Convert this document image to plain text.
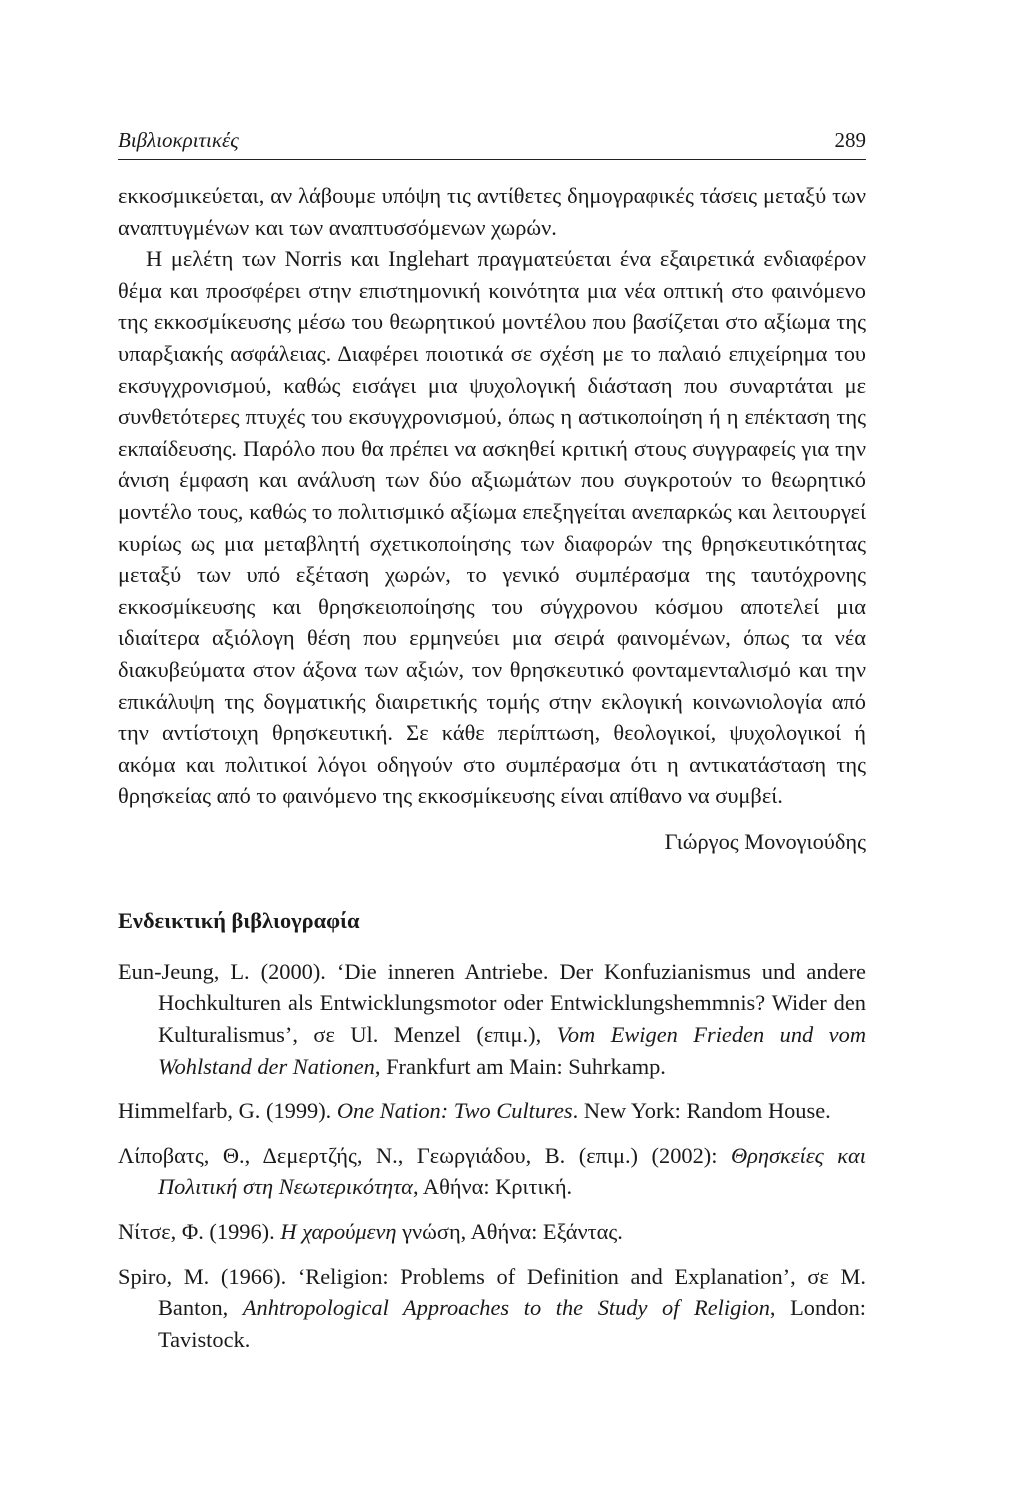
Βιβλιοκριτικές	289

εκκοσμικεύεται, αν λάβουμε υπόψη τις αντίθετες δημογραφικές τάσεις μεταξύ των αναπτυγμένων και των αναπτυσσόμενων χωρών.

Η μελέτη των Norris και Inglehart πραγματεύεται ένα εξαιρετικά ενδιαφέρον θέμα και προσφέρει στην επιστημονική κοινότητα μια νέα οπτική στο φαινόμενο της εκκοσμίκευσης μέσω του θεωρητικού μοντέλου που βασίζεται στο αξίωμα της υπαρξιακής ασφάλειας. Διαφέρει ποιοτικά σε σχέση με το παλαιό επιχείρημα του εκσυγχρονισμού, καθώς εισάγει μια ψυχολογική διάσταση που συναρτάται με συνθετότερες πτυχές του εκσυγχρονισμού, όπως η αστικοποίηση ή η επέκταση της εκπαίδευσης. Παρόλο που θα πρέπει να ασκηθεί κριτική στους συγγραφείς για την άνιση έμφαση και ανάλυση των δύο αξιωμάτων που συγκροτούν το θεωρητικό μοντέλο τους, καθώς το πολιτισμικό αξίωμα επεξηγείται ανεπαρκώς και λειτουργεί κυρίως ως μια μεταβλητή σχετικοποίησης των διαφορών της θρησκευτικότητας μεταξύ των υπό εξέταση χωρών, το γενικό συμπέρασμα της ταυτόχρονης εκκοσμίκευσης και θρησκειοποίησης του σύγχρονου κόσμου αποτελεί μια ιδιαίτερα αξιόλογη θέση που ερμηνεύει μια σειρά φαινομένων, όπως τα νέα διακυβεύματα στον άξονα των αξιών, τον θρησκευτικό φονταμενταλισμό και την επικάλυψη της δογματικής διαιρετικής τομής στην εκλογική κοινωνιολογία από την αντίστοιχη θρησκευτική. Σε κάθε περίπτωση, θεολογικοί, ψυχολογικοί ή ακόμα και πολιτικοί λόγοι οδηγούν στο συμπέρασμα ότι η αντικατάσταση της θρησκείας από το φαινόμενο της εκκοσμίκευσης είναι απίθανο να συμβεί.

Γιώργος Μονογιούδης
Ενδεικτική βιβλιογραφία
Eun-Jeung, L. (2000). ‘Die inneren Antriebe. Der Konfuzianismus und andere Hochkulturen als Entwicklungsmotor oder Entwicklungshemmnis? Wider den Kulturalismus’, σε Ul. Menzel (επιμ.), Vom Ewigen Frieden und vom Wohlstand der Nationen, Frankfurt am Main: Suhrkamp.
Himmelfarb, G. (1999). One Nation: Two Cultures. New York: Random House.
Λίποβατς, Θ., Δεμερτζής, Ν., Γεωργιάδου, Β. (επιμ.) (2002): Θρησκείες και Πολιτική στη Νεωτερικότητα, Αθήνα: Κριτική.
Νίτσε, Φ. (1996). Η χαρούμενη γνώση, Αθήνα: Εξάντας.
Spiro, M. (1966). ‘Religion: Problems of Definition and Explanation’, σε M. Banton, Anhtropological Approaches to the Study of Religion, London: Tavistock.
